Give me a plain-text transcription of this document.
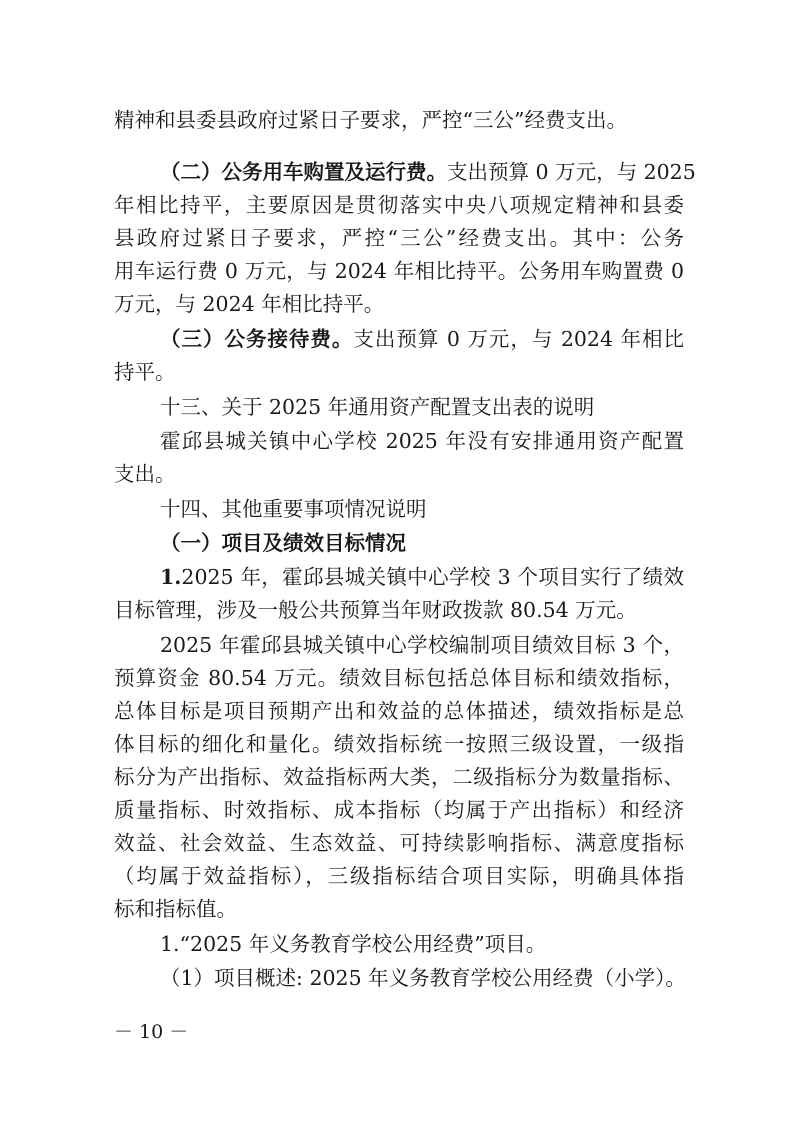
精神和县委县政府过紧日子要求，严控“三公”经费支出。
（二）公务用车购置及运行费。支出预算 0 万元，与 2025
年相比持平，主要原因是贯彻落实中央八项规定精神和县委
县政府过紧日子要求，严控“三公”经费支出。其中：公务
用车运行费 0 万元，与 2024 年相比持平。公务用车购置费 0
万元，与 2024 年相比持平。
（三）公务接待费。支出预算 0 万元，与 2024 年相比
持平。
十三、关于 2025 年通用资产配置支出表的说明
霍邱县城关镇中心学校 2025 年没有安排通用资产配置
支出。
十四、其他重要事项情况说明
（一）项目及绩效目标情况
1.2025 年，霍邱县城关镇中心学校 3 个项目实行了绩效
目标管理，涉及一般公共预算当年财政拨款 80.54 万元。
2025 年霍邱县城关镇中心学校编制项目绩效目标 3 个，
预算资金 80.54 万元。绩效目标包括总体目标和绩效指标，
总体目标是项目预期产出和效益的总体描述，绩效指标是总
体目标的细化和量化。绩效指标统一按照三级设置，一级指
标分为产出指标、效益指标两大类，二级指标分为数量指标、
质量指标、时效指标、成本指标（均属于产出指标）和经济
效益、社会效益、生态效益、可持续影响指标、满意度指标
（均属于效益指标），三级指标结合项目实际，明确具体指
标和指标值。
1.“2025 年义务教育学校公用经费”项目。
（1）项目概述: 2025 年义务教育学校公用经费（小学）。
－ 10 －
